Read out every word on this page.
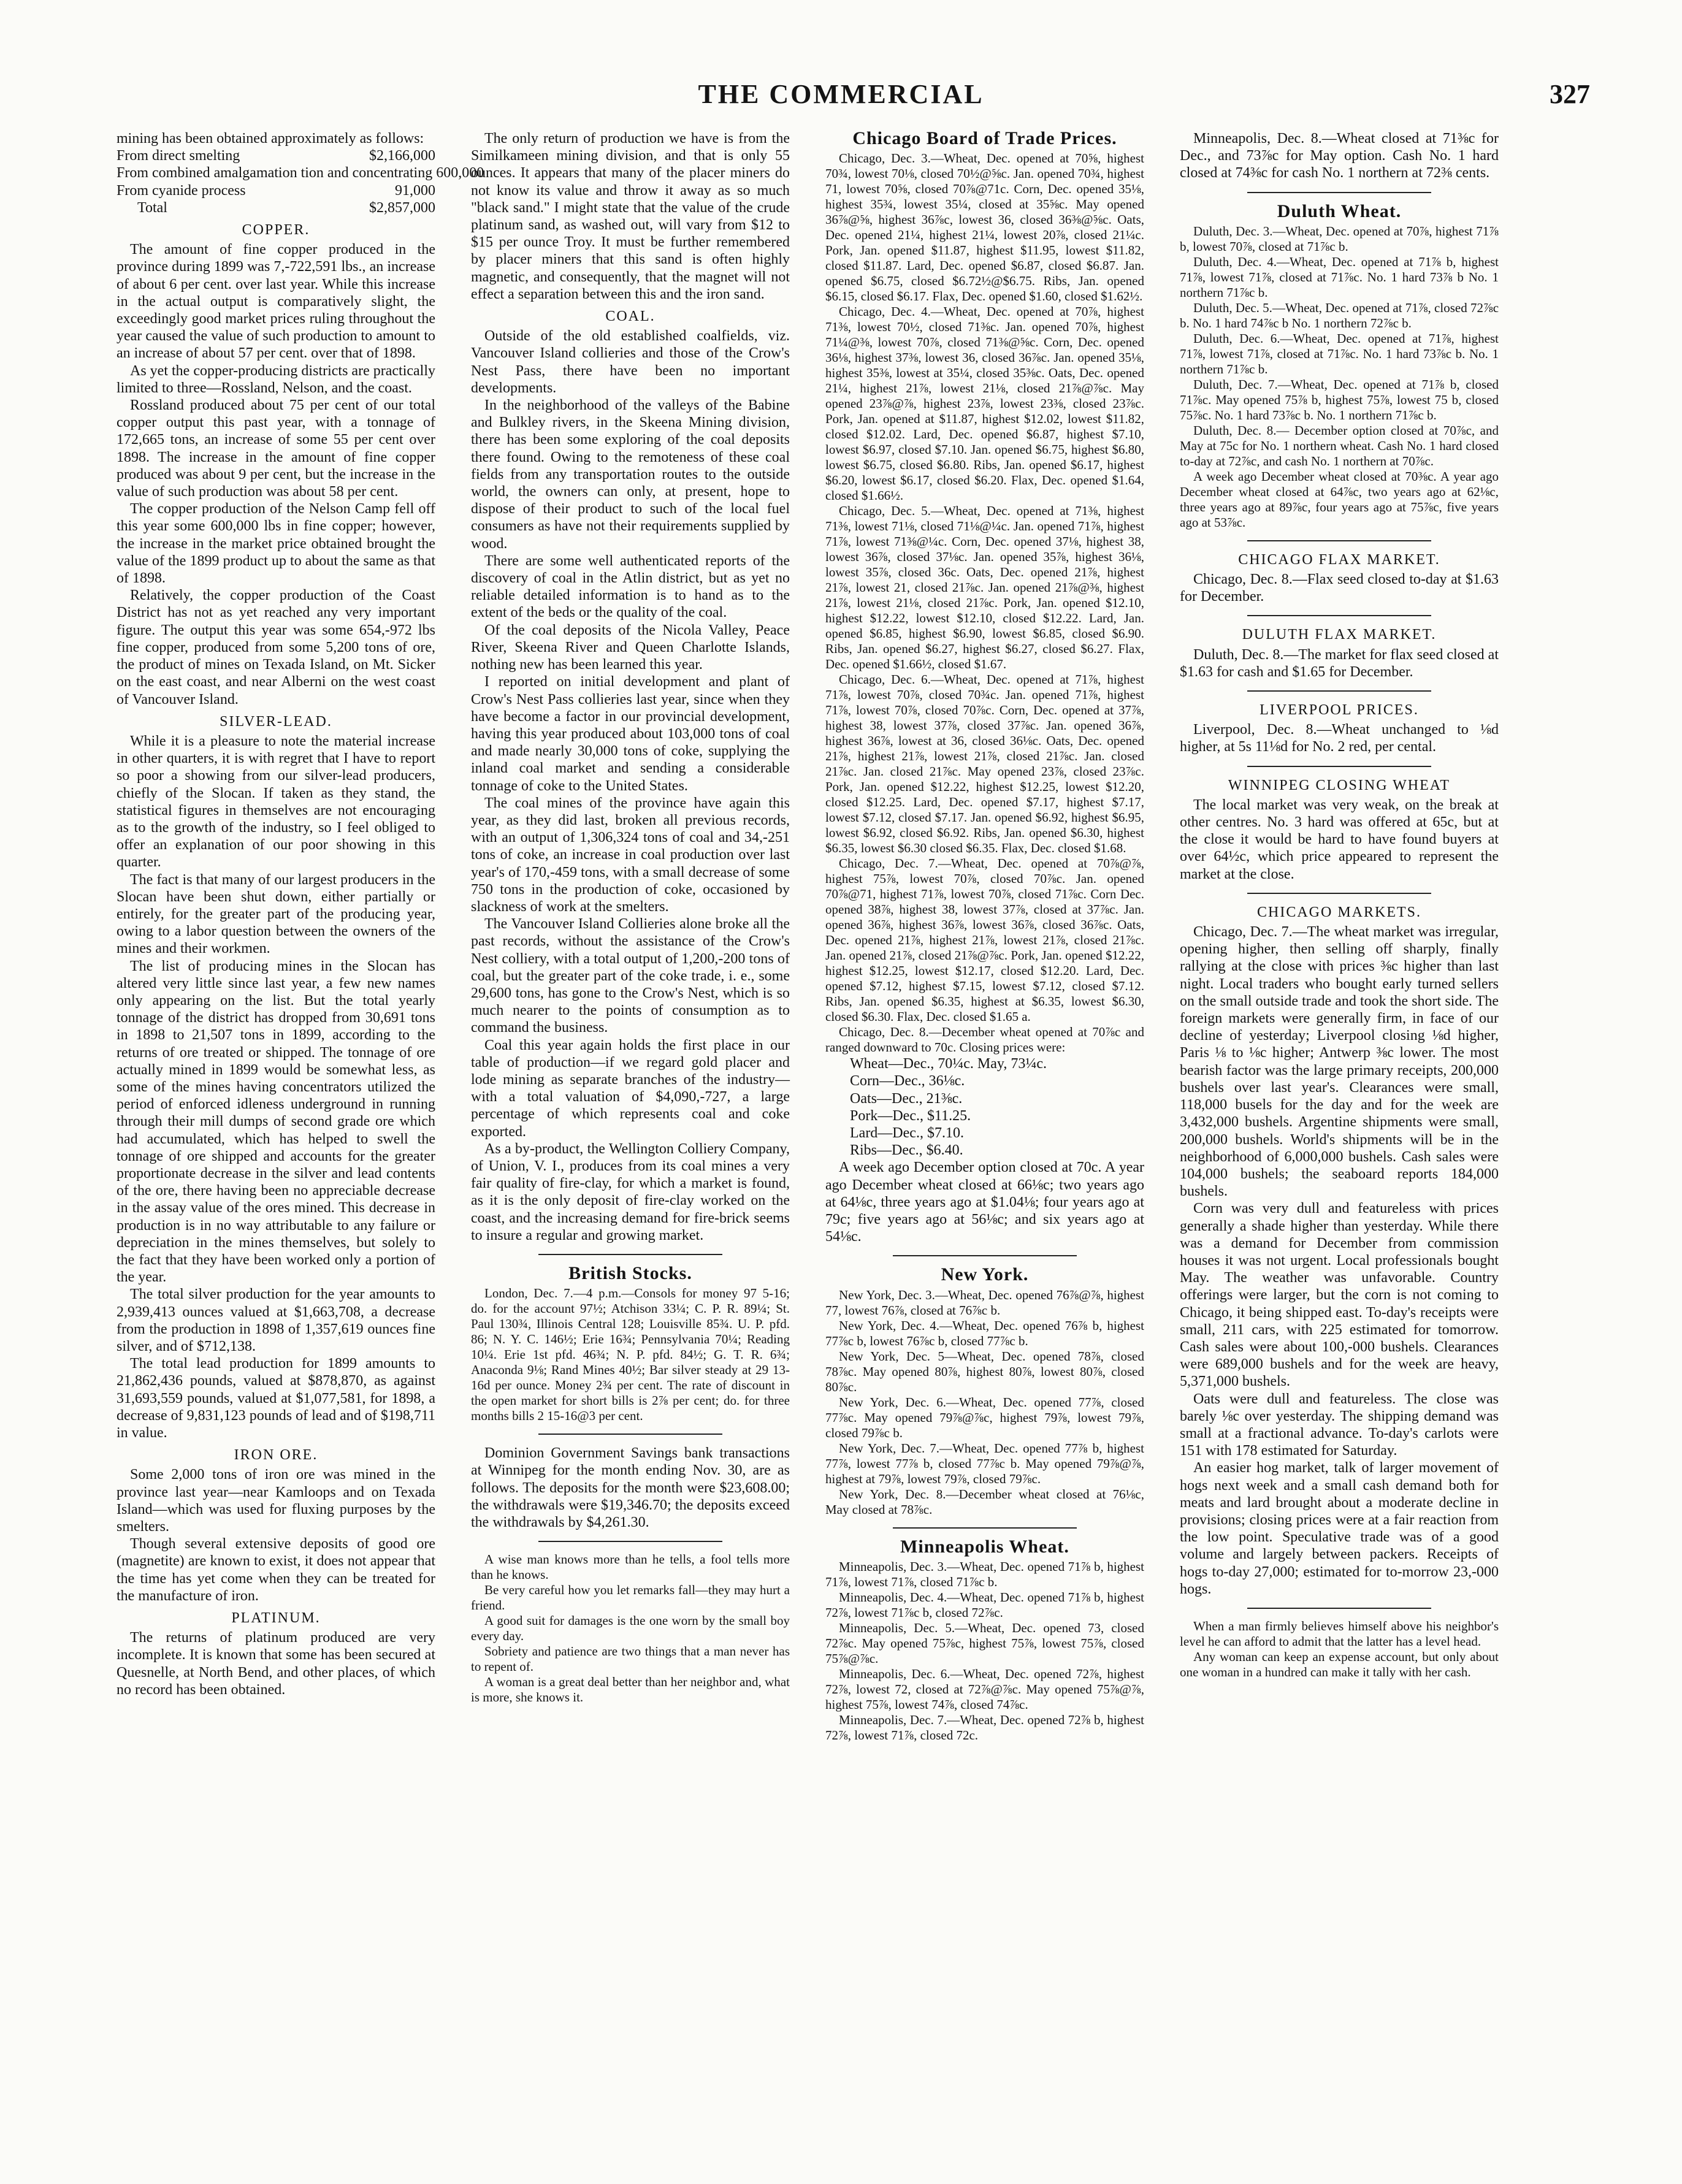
THE COMMERCIAL	327

mining has been obtained approximately as follows:

From direct smelting	$2,166,000
From combined amalgamation tion and concentrating 600,000
From cyanide process	91,000
Total	$2,857,000
COPPER.

The amount of fine copper produced in the province during 1899 was 7,-722,591 lbs., an increase of about 6 per cent. over last year. While this increase in the actual output is comparatively slight, the exceedingly good market prices ruling throughout the year caused the value of such production to amount to an increase of about 57 per cent. over that of 1898.

As yet the copper-producing districts are practically limited to three—Rossland, Nelson, and the coast.

Rossland produced about 75 per cent of our total copper output this past year, with a tonnage of 172,665 tons, an increase of some 55 per cent over 1898. The increase in the amount of fine copper produced was about 9 per cent, but the increase in the value of such production was about 58 per cent.

The copper production of the Nelson Camp fell off this year some 600,000 lbs in fine copper; however, the increase in the market price obtained brought the value of the 1899 product up to about the same as that of 1898.

Relatively, the copper production of the Coast District has not as yet reached any very important figure. The output this year was some 654,-972 lbs fine copper, produced from some 5,200 tons of ore, the product of mines on Texada Island, on Mt. Sicker on the east coast, and near Alberni on the west coast of Vancouver Island.

SILVER-LEAD.

While it is a pleasure to note the material increase in other quarters, it is with regret that I have to report so poor a showing from our silver-lead producers, chiefly of the Slocan. If taken as they stand, the statistical figures in themselves are not encouraging as to the growth of the industry, so I feel obliged to offer an explanation of our poor showing in this quarter.

The fact is that many of our largest producers in the Slocan have been shut down, either partially or entirely, for the greater part of the producing year, owing to a labor question between the owners of the mines and their workmen.

The list of producing mines in the Slocan has altered very little since last year, a few new names only appearing on the list. But the total yearly tonnage of the district has dropped from 30,691 tons in 1898 to 21,507 tons in 1899, according to the returns of ore treated or shipped. The tonnage of ore actually mined in 1899 would be somewhat less, as some of the mines having concentrators utilized the period of enforced idleness underground in running through their mill dumps of second grade ore which had accumulated, which has helped to swell the tonnage of ore shipped and accounts for the greater proportionate decrease in the silver and lead contents of the ore, there having been no appreciable decrease in the assay value of the ores mined. This decrease in production is in no way attributable to any failure or depreciation in the mines themselves, but solely to the fact that they have been worked only a portion of the year.

The total silver production for the year amounts to 2,939,413 ounces valued at $1,663,708, a decrease from the production in 1898 of 1,357,619 ounces fine silver, and of $712,138.

The total lead production for 1899 amounts to 21,862,436 pounds, valued at $878,870, as against 31,693,559 pounds, valued at $1,077,581, for 1898, a decrease of 9,831,123 pounds of lead and of $198,711 in value.

IRON ORE.

Some 2,000 tons of iron ore was mined in the province last year—near Kamloops and on Texada Island—which was used for fluxing purposes by the smelters.

Though several extensive deposits of good ore (magnetite) are known to exist, it does not appear that the time has yet come when they can be treated for the manufacture of iron.

PLATINUM.

The returns of platinum produced are very incomplete. It is known that some has been secured at Quesnelle, at North Bend, and other places, of which no record has been obtained.

The only return of production we have is from the Similkameen mining division, and that is only 55 ounces. It appears that many of the placer miners do not know its value and throw it away as so much "black sand." I might state that the value of the crude platinum sand, as washed out, will vary from $12 to $15 per ounce Troy. It must be further remembered by placer miners that this sand is often highly magnetic, and consequently, that the magnet will not effect a separation between this and the iron sand.

COAL.

Outside of the old established coalfields, viz. Vancouver Island collieries and those of the Crow's Nest Pass, there have been no important developments.

In the neighborhood of the valleys of the Babine and Bulkley rivers, in the Skeena Mining division, there has been some exploring of the coal deposits there found. Owing to the remoteness of these coal fields from any transportation routes to the outside world, the owners can only, at present, hope to dispose of their product to such of the local fuel consumers as have not their requirements supplied by wood.

There are some well authenticated reports of the discovery of coal in the Atlin district, but as yet no reliable detailed information is to hand as to the extent of the beds or the quality of the coal.

Of the coal deposits of the Nicola Valley, Peace River, Skeena River and Queen Charlotte Islands, nothing new has been learned this year.

I reported on initial development and plant of Crow's Nest Pass collieries last year, since when they have become a factor in our provincial development, having this year produced about 103,000 tons of coal and made nearly 30,000 tons of coke, supplying the inland coal market and sending a considerable tonnage of coke to the United States.

The coal mines of the province have again this year, as they did last, broken all previous records, with an output of 1,306,324 tons of coal and 34,-251 tons of coke, an increase in coal production over last year's of 170,-459 tons, with a small decrease of some 750 tons in the production of coke, occasioned by slackness of work at the smelters.

The Vancouver Island Collieries alone broke all the past records, without the assistance of the Crow's Nest colliery, with a total output of 1,200,-200 tons of coal, but the greater part of the coke trade, i. e., some 29,600 tons, has gone to the Crow's Nest, which is so much nearer to the points of consumption as to command the business.

Coal this year again holds the first place in our table of production—if we regard gold placer and lode mining as separate branches of the industry—with a total valuation of $4,090,-727, a large percentage of which represents coal and coke exported.

As a by-product, the Wellington Colliery Company, of Union, V. I., produces from its coal mines a very fair quality of fire-clay, for which a market is found, as it is the only deposit of fire-clay worked on the coast, and the increasing demand for fire-brick seems to insure a regular and growing market.

British Stocks.

London, Dec. 7.—4 p.m.—Consols for money 97 5-16; do. for the account 97½; Atchison 33¼; C. P. R. 89¼; St. Paul 130¾, Illinois Central 128; Louisville 85¾. U. P. pfd. 86; N. Y. C. 146½; Erie 16¾; Pennsylvania 70¼; Reading 10¼. Erie 1st pfd. 46¾; N. P. pfd. 84½; G. T. R. 6¾; Anaconda 9⅛; Rand Mines 40½; Bar silver steady at 29 13-16d per ounce. Money 2¾ per cent. The rate of discount in the open market for short bills is 2⅞ per cent; do. for three months bills 2 15-16@3 per cent.

Dominion Government Savings bank transactions at Winnipeg for the month ending Nov. 30, are as follows. The deposits for the month were $23,608.00; the withdrawals were $19,346.70; the deposits exceed the withdrawals by $4,261.30.

A wise man knows more than he tells, a fool tells more than he knows.

Be very careful how you let remarks fall—they may hurt a friend.

A good suit for damages is the one worn by the small boy every day.

Sobriety and patience are two things that a man never has to repent of.

A woman is a great deal better than her neighbor and, what is more, she knows it.

Chicago Board of Trade Prices.

Chicago, Dec. 3.—Wheat, Dec. opened at 70⅝, highest 70¾, lowest 70⅛, closed 70½@⅝c. Jan. opened 70¾, highest 71, lowest 70⅝, closed 70⅞@71c. Corn, Dec. opened 35⅛, highest 35¾, lowest 35¼, closed at 35⅝c. May opened 36⅞@⅝, highest 36⅞c, lowest 36, closed 36⅜@⅝c. Oats, Dec. opened 21¼, highest 21¼, lowest 20⅞, closed 21¼c. Pork, Jan. opened $11.87, highest $11.95, lowest $11.82, closed $11.87. Lard, Dec. opened $6.87, closed $6.87. Jan. opened $6.75, closed $6.72½@$6.75. Ribs, Jan. opened $6.15, closed $6.17. Flax, Dec. opened $1.60, closed $1.62½.

Chicago, Dec. 4.—Wheat, Dec. opened at 70⅞, highest 71⅜, lowest 70½, closed 71⅜c. Jan. opened 70⅞, highest 71¼@⅜, lowest 70⅞, closed 71⅜@⅝c. Corn, Dec. opened 36⅛, highest 37⅜, lowest 36, closed 36⅞c. Jan. opened 35⅛, highest 35⅜, lowest at 35¼, closed 35⅜c. Oats, Dec. opened 21¼, highest 21⅞, lowest 21⅛, closed 21⅞@⅞c. May opened 23⅞@⅞, highest 23⅞, lowest 23⅜, closed 23⅞c. Pork, Jan. opened at $11.87, highest $12.02, lowest $11.82, closed $12.02. Lard, Dec. opened $6.87, highest $7.10, lowest $6.97, closed $7.10. Jan. opened $6.75, highest $6.80, lowest $6.75, closed $6.80. Ribs, Jan. opened $6.17, highest $6.20, lowest $6.17, closed $6.20. Flax, Dec. opened $1.64, closed $1.66½.

Chicago, Dec. 5.—Wheat, Dec. opened at 71⅜, highest 71⅜, lowest 71⅛, closed 71⅛@¼c. Jan. opened 71⅞, highest 71⅞, lowest 71⅜@¼c. Corn, Dec. opened 37⅛, highest 38, lowest 36⅞, closed 37⅛c. Jan. opened 35⅞, highest 36⅛, lowest 35⅞, closed 36c. Oats, Dec. opened 21⅞, highest 21⅞, lowest 21, closed 21⅞c. Jan. opened 21⅞@⅜, highest 21⅞, lowest 21⅛, closed 21⅞c. Pork, Jan. opened $12.10, highest $12.22, lowest $12.10, closed $12.22. Lard, Jan. opened $6.85, highest $6.90, lowest $6.85, closed $6.90. Ribs, Jan. opened $6.27, highest $6.27, closed $6.27. Flax, Dec. opened $1.66½, closed $1.67.

Chicago, Dec. 6.—Wheat, Dec. opened at 71⅞, highest 71⅞, lowest 70⅞, closed 70¾c. Jan. opened 71⅞, highest 71⅞, lowest 70⅞, closed 70⅞c. Corn, Dec. opened at 37⅞, highest 38, lowest 37⅞, closed 37⅞c. Jan. opened 36⅞, highest 36⅞, lowest at 36, closed 36⅛c. Oats, Dec. opened 21⅞, highest 21⅞, lowest 21⅞, closed 21⅞c. Jan. closed 21⅞c. Jan. closed 21⅞c. May opened 23⅞, closed 23⅞c. Pork, Jan. opened $12.22, highest $12.25, lowest $12.20, closed $12.25. Lard, Dec. opened $7.17, highest $7.17, lowest $7.12, closed $7.17. Jan. opened $6.92, highest $6.95, lowest $6.92, closed $6.92. Ribs, Jan. opened $6.30, highest $6.35, lowest $6.30 closed $6.35. Flax, Dec. closed $1.68.

Chicago, Dec. 7.—Wheat, Dec. opened at 70⅞@⅞, highest 75⅞, lowest 70⅞, closed 70⅞c. Jan. opened 70⅞@71, highest 71⅞, lowest 70⅞, closed 71⅞c. Corn Dec. opened 38⅞, highest 38, lowest 37⅞, closed at 37⅞c. Jan. opened 36⅞, highest 36⅞, lowest 36⅞, closed 36⅞c. Oats, Dec. opened 21⅞, highest 21⅞, lowest 21⅞, closed 21⅞c. Jan. opened 21⅞, closed 21⅞@⅞c. Pork, Jan. opened $12.22, highest $12.25, lowest $12.17, closed $12.20. Lard, Dec. opened $7.12, highest $7.15, lowest $7.12, closed $7.12. Ribs, Jan. opened $6.35, highest at $6.35, lowest $6.30, closed $6.30. Flax, Dec. closed $1.65 a.

Chicago, Dec. 8.—December wheat opened at 70⅞c and ranged downward to 70c. Closing prices were:

Wheat—Dec., 70¼c. May, 73¼c.

Corn—Dec., 36⅛c.

Oats—Dec., 21⅜c.

Pork—Dec., $11.25.

Lard—Dec., $7.10.

Ribs—Dec., $6.40.

A week ago December option closed at 70c. A year ago December wheat closed at 66⅛c; two years ago at 64⅛c, three years ago at $1.04⅛; four years ago at 79c; five years ago at 56⅛c; and six years ago at 54⅛c.

New York.

New York, Dec. 3.—Wheat, Dec. opened 76⅞@⅞, highest 77, lowest 76⅞, closed at 76⅞c b.

New York, Dec. 4.—Wheat, Dec. opened 76⅞ b, highest 77⅞c b, lowest 76⅞c b, closed 77⅞c b.

New York, Dec. 5—Wheat, Dec. opened 78⅞, closed 78⅞c. May opened 80⅞, highest 80⅞, lowest 80⅞, closed 80⅞c.

New York, Dec. 6.—Wheat, Dec. opened 77⅞, closed 77⅞c. May opened 79⅞@⅞c, highest 79⅞, lowest 79⅞, closed 79⅞c b.

New York, Dec. 7.—Wheat, Dec. opened 77⅞ b, highest 77⅞, lowest 77⅞ b, closed 77⅞c b. May opened 79⅞@⅞, highest at 79⅞, lowest 79⅞, closed 79⅞c.

New York, Dec. 8.—December wheat closed at 76⅛c, May closed at 78⅞c.

Minneapolis Wheat.

Minneapolis, Dec. 3.—Wheat, Dec. opened 71⅞ b, highest 71⅞, lowest 71⅞, closed 71⅞c b.

Minneapolis, Dec. 4.—Wheat, Dec. opened 71⅞ b, highest 72⅞, lowest 71⅞c b, closed 72⅞c.

Minneapolis, Dec. 5.—Wheat, Dec. opened 73, closed 72⅞c. May opened 75⅞c, highest 75⅞, lowest 75⅞, closed 75⅞@⅞c.

Minneapolis, Dec. 6.—Wheat, Dec. opened 72⅞, highest 72⅞, lowest 72, closed at 72⅞@⅞c. May opened 75⅞@⅞, highest 75⅞, lowest 74⅞, closed 74⅞c.

Minneapolis, Dec. 7.—Wheat, Dec. opened 72⅞ b, highest 72⅞, lowest 71⅞, closed 72c.

Minneapolis, Dec. 8.—Wheat closed at 71⅜c for Dec., and 73⅞c for May option. Cash No. 1 hard closed at 74⅜c for cash No. 1 northern at 72⅜ cents.

Duluth Wheat.

Duluth, Dec. 3.—Wheat, Dec. opened at 70⅞, highest 71⅞ b, lowest 70⅞, closed at 71⅞c b.

Duluth, Dec. 4.—Wheat, Dec. opened at 71⅞ b, highest 71⅞, lowest 71⅞, closed at 71⅞c. No. 1 hard 73⅞ b No. 1 northern 71⅞c b.

Duluth, Dec. 5.—Wheat, Dec. opened at 71⅞, closed 72⅞c b. No. 1 hard 74⅞c b No. 1 northern 72⅞c b.

Duluth, Dec. 6.—Wheat, Dec. opened at 71⅞, highest 71⅞, lowest 71⅞, closed at 71⅞c. No. 1 hard 73⅞c b. No. 1 northern 71⅞c b.

Duluth, Dec. 7.—Wheat, Dec. opened at 71⅞ b, closed 71⅞c. May opened 75⅞ b, highest 75⅞, lowest 75 b, closed 75⅞c. No. 1 hard 73⅞c b. No. 1 northern 71⅞c b.

Duluth, Dec. 8.— December option closed at 70⅞c, and May at 75c for No. 1 northern wheat. Cash No. 1 hard closed to-day at 72⅞c, and cash No. 1 northern at 70⅞c.

A week ago December wheat closed at 70⅜c. A year ago December wheat closed at 64⅞c, two years ago at 62⅛c, three years ago at 89⅞c, four years ago at 75⅞c, five years ago at 53⅞c.

CHICAGO FLAX MARKET.

Chicago, Dec. 8.—Flax seed closed to-day at $1.63 for December.

DULUTH FLAX MARKET.

Duluth, Dec. 8.—The market for flax seed closed at $1.63 for cash and $1.65 for December.

LIVERPOOL PRICES.

Liverpool, Dec. 8.—Wheat unchanged to ⅛d higher, at 5s 11⅛d for No. 2 red, per cental.

WINNIPEG CLOSING WHEAT

The local market was very weak, on the break at other centres. No. 3 hard was offered at 65c, but at the close it would be hard to have found buyers at over 64½c, which price appeared to represent the market at the close.

CHICAGO MARKETS.

Chicago, Dec. 7.—The wheat market was irregular, opening higher, then selling off sharply, finally rallying at the close with prices ⅜c higher than last night. Local traders who bought early turned sellers on the small outside trade and took the short side. The foreign markets were generally firm, in face of our decline of yesterday; Liverpool closing ⅛d higher, Paris ⅛ to ⅛c higher; Antwerp ⅜c lower. The most bearish factor was the large primary receipts, 200,000 bushels over last year's. Clearances were small, 118,000 busels for the day and for the week are 3,432,000 bushels. Argentine shipments were small, 200,000 bushels. World's shipments will be in the neighborhood of 6,000,000 bushels. Cash sales were 104,000 bushels; the seaboard reports 184,000 bushels.

Corn was very dull and featureless with prices generally a shade higher than yesterday. While there was a demand for December from commission houses it was not urgent. Local professionals bought May. The weather was unfavorable. Country offerings were larger, but the corn is not coming to Chicago, it being shipped east. To-day's receipts were small, 211 cars, with 225 estimated for tomorrow. Cash sales were about 100,-000 bushels. Clearances were 689,000 bushels and for the week are heavy, 5,371,000 bushels.

Oats were dull and featureless. The close was barely ⅛c over yesterday. The shipping demand was small at a fractional advance. To-day's carlots were 151 with 178 estimated for Saturday.

An easier hog market, talk of larger movement of hogs next week and a small cash demand both for meats and lard brought about a moderate decline in provisions; closing prices were at a fair reaction from the low point. Speculative trade was of a good volume and largely between packers. Receipts of hogs to-day 27,000; estimated for to-morrow 23,-000 hogs.

When a man firmly believes himself above his neighbor's level he can afford to admit that the latter has a level head.

Any woman can keep an expense account, but only about one woman in a hundred can make it tally with her cash.
